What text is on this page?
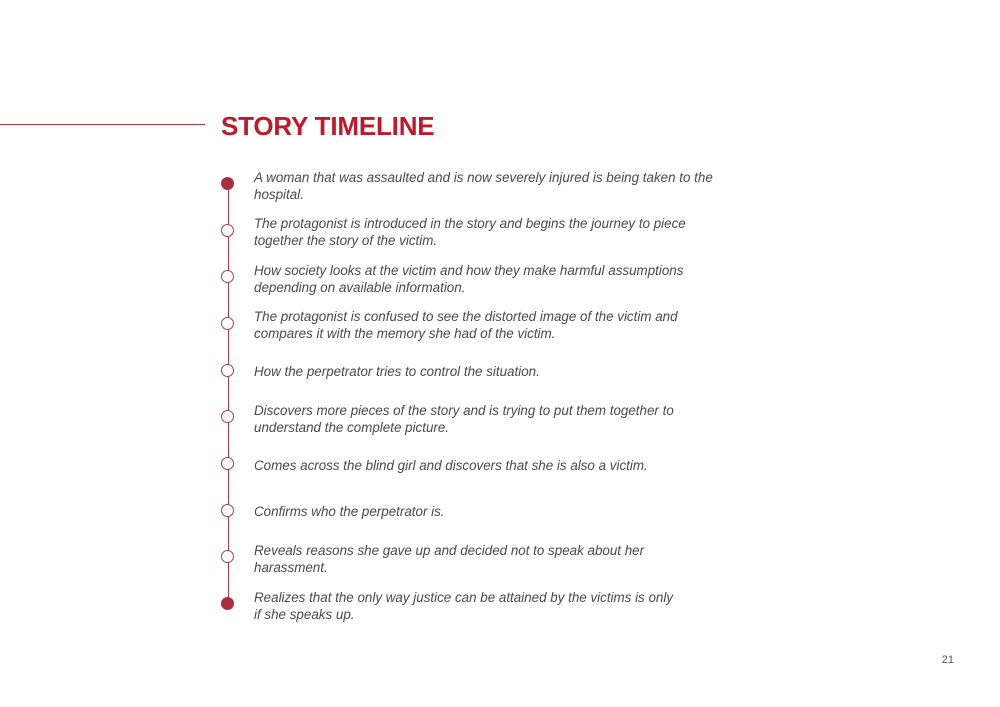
STORY TIMELINE

A woman that was assaulted and is now severely injured is being taken to the hospital.

The protagonist is introduced in the story and begins the journey to piece together the story of the victim.

How society looks at the victim and how they make harmful assumptions depending on available information.

The protagonist is confused to see the distorted image of the victim and compares it with the memory she had of the victim.

How the perpetrator tries to control the situation.

Discovers more pieces of the story and is trying to put them together to understand the complete picture.

Comes across the blind girl and discovers that she is also a victim.

Confirms who the perpetrator is.

Reveals reasons she gave up and decided not to speak about her harassment.

Realizes that the only way justice can be attained by the victims is only if she speaks up.

21
